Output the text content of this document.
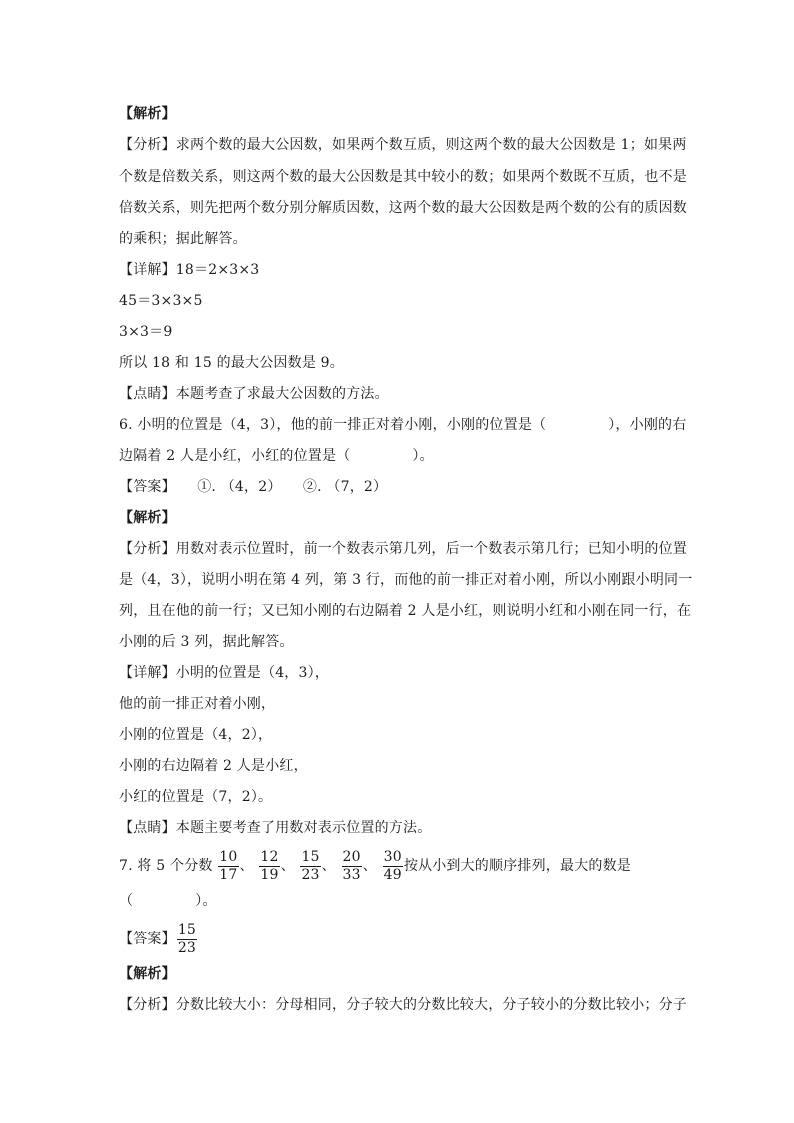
【解析】
【分析】求两个数的最大公因数，如果两个数互质，则这两个数的最大公因数是 1；如果两
个数是倍数关系，则这两个数的最大公因数是其中较小的数；如果两个数既不互质，也不是
倍数关系，则先把两个数分别分解质因数，这两个数的最大公因数是两个数的公有的质因数
的乘积；据此解答。
【详解】18＝2×3×3
45＝3×3×5
3×3＝9
所以 18 和 15 的最大公因数是 9。
【点睛】本题考查了求最大公因数的方法。
6. 小明的位置是（4，3），他的前一排正对着小刚，小刚的位置是（	），小刚的右
边隔着 2 人是小红，小红的位置是（	）。
【答案】　　①. （4，2）　　②. （7，2）
【解析】
【分析】用数对表示位置时，前一个数表示第几列，后一个数表示第几行；已知小明的位置
是（4，3），说明小明在第 4 列，第 3 行，而他的前一排正对着小刚，所以小刚跟小明同一
列，且在他的前一行；又已知小刚的右边隔着 2 人是小红，则说明小红和小刚在同一行，在
小刚的后 3 列，据此解答。
【详解】小明的位置是（4，3），
他的前一排正对着小刚，
小刚的位置是（4，2），
小刚的右边隔着 2 人是小红，
小红的位置是（7，2）。
【点睛】本题主要考查了用数对表示位置的方法。
7. 将 5 个分数 $\frac{10}{17}$ 、 $\frac{12}{19}$ 、 $\frac{15}{23}$ 、 $\frac{20}{33}$ 、 $\frac{30}{49}$ 按从小到大的顺序排列，最大的数是
（	）。
【答案】 $\frac{15}{23}$
【解析】
【分析】分数比较大小：分母相同，分子较大的分数比较大，分子较小的分数比较小；分子
